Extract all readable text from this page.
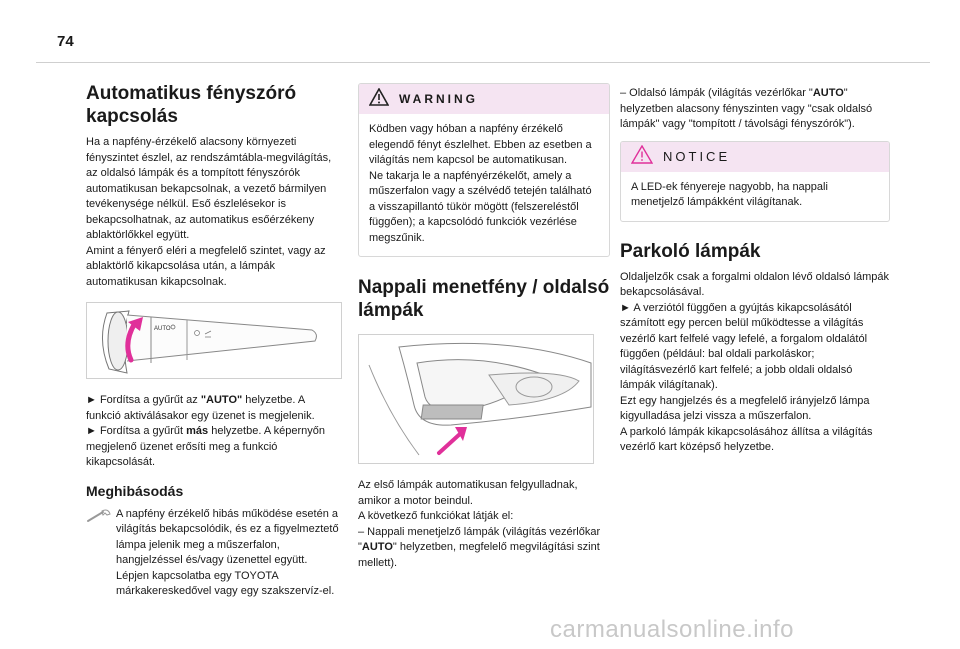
74
Automatikus fényszóró kapcsolás

Ha a napfény-érzékelő alacsony környezeti fényszintet észlel, az rendszámtábla-megvilágítás, az oldalsó lámpák és a tompított fényszórók automatikusan bekapcsolnak, a vezető bármilyen tevékenysége nélkül. Eső észlelésekor is bekapcsolhatnak, az automatikus esőérzékeny ablaktörlőkkel együtt.
Amint a fényerő eléri a megfelelő szintet, vagy az ablaktörlő kikapcsolása után, a lámpák automatikusan kikapcsolnak.

AUTO

► Fordítsa a gyűrűt az "AUTO" helyzetbe. A funkció aktiválásakor egy üzenet is megjelenik.

► Fordítsa a gyűrűt más helyzetbe. A képernyőn megjelenő üzenet erősíti meg a funkció kikapcsolását.

Meghibásodás

A napfény érzékelő hibás működése esetén a világítás bekapcsolódik, és ez a figyelmeztető lámpa jelenik meg a műszerfalon, hangjelzéssel és/vagy üzenettel együtt.
Lépjen kapcsolatba egy TOYOTA márkakereskedővel vagy egy szakszervíz-el.

WARNING

Ködben vagy hóban a napfény érzékelő elegendő fényt észlelhet. Ebben az esetben a világítás nem kapcsol be automatikusan.
Ne takarja le a napfényérzékelőt, amely a műszerfalon vagy a szélvédő tetején található a visszapillantó tükör mögött (felszereléstől függően); a kapcsolódó funkciók vezérlése megszűnik.

Nappali menetfény / oldalsó lámpák

Az első lámpák automatikusan felgyulladnak, amikor a motor beindul.
A következő funkciókat látják el:

– Nappali menetjelző lámpák (világítás vezérlőkar "AUTO" helyzetben, megfelelő megvilágítási szint mellett).

– Oldalsó lámpák (világítás vezérlőkar "AUTO" helyzetben alacsony fényszinten vagy "csak oldalsó lámpák" vagy "tompított / távolsági fényszórók").

NOTICE

A LED-ek fényereje nagyobb, ha nappali menetjelző lámpákként világítanak.

Parkoló lámpák

Oldaljelzők csak a forgalmi oldalon lévő oldalsó lámpák bekapcsolásával.
► A verziótól függően a gyújtás kikapcsolásától számított egy percen belül működtesse a világítás vezérlő kart felfelé vagy lefelé, a forgalom oldalától függően (például: bal oldali parkoláskor; világításvezérlő kart felfelé; a jobb oldali oldalsó lámpák világítanak).
Ezt egy hangjelzés és a megfelelő irányjelző lámpa kigyulladása jelzi vissza a műszerfalon.
A parkoló lámpák kikapcsolásához állítsa a világítás vezérlő kart középső helyzetbe.

carmanualsonline.info
